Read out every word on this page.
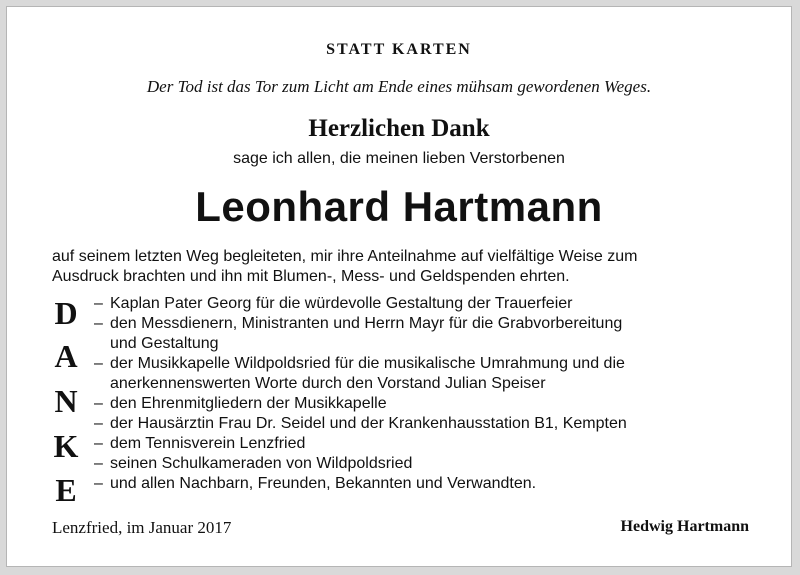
STATT KARTEN
Der Tod ist das Tor zum Licht am Ende eines mühsam gewordenen Weges.
Herzlichen Dank
sage ich allen, die meinen lieben Verstorbenen
Leonhard Hartmann
auf seinem letzten Weg begleiteten, mir ihre Anteilnahme auf vielfältige Weise zum
Ausdruck brachten und ihn mit Blumen-, Mess- und Geldspenden ehrten.
D
A
N
K
E
– Kaplan Pater Georg für die würdevolle Gestaltung der Trauerfeier
– den Messdienern, Ministranten und Herrn Mayr für die Grabvorbereitung
und Gestaltung
– der Musikkapelle Wildpoldsried für die musikalische Umrahmung und die
anerkennenswerten Worte durch den Vorstand Julian Speiser
– den Ehrenmitgliedern der Musikkapelle
– der Hausärztin Frau Dr. Seidel und der Krankenhausstation B1, Kempten
– dem Tennisverein Lenzfried
– seinen Schulkameraden von Wildpoldsried
– und allen Nachbarn, Freunden, Bekannten und Verwandten.
Lenzfried, im Januar 2017	Hedwig Hartmann
